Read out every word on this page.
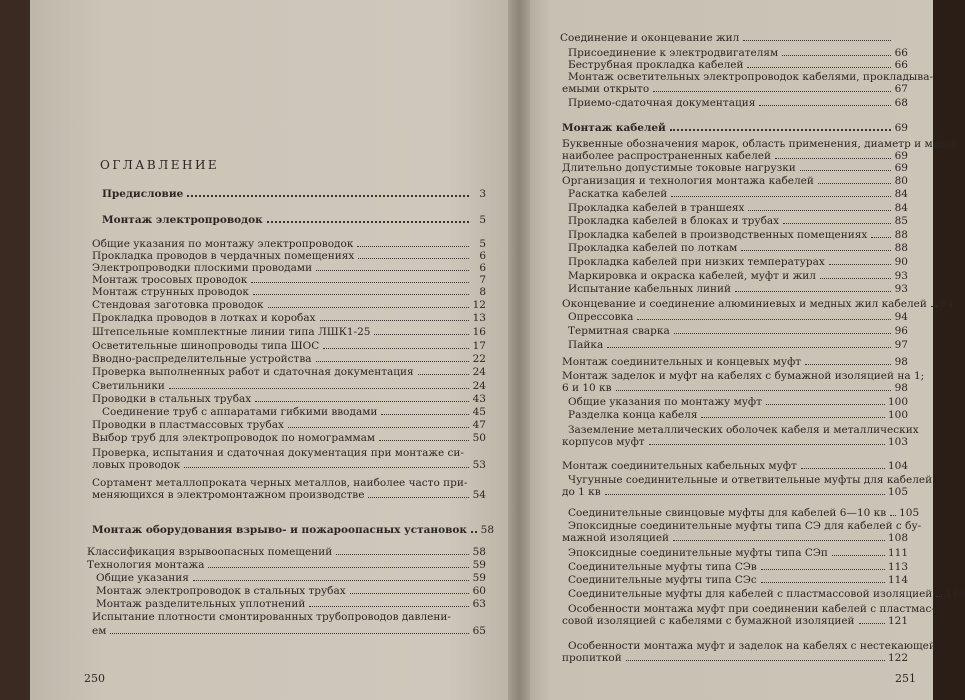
ОГЛАВЛЕНИЕ
250	251
Предисловие	3
Монтаж электропроводок	5
Общие указания по монтажу электропроводок	5
Прокладка проводов в чердачных помещениях	6
Электропроводки плоскими проводами	6
Монтаж тросовых проводок	7
Монтаж струнных проводок	8
Стендовая заготовка проводок	12
Прокладка проводов в лотках и коробах	13
Штепсельные комплектные линии типа ЛШК1-25	16
Осветительные шинопроводы типа ШОС	17
Вводно-распределительные устройства	22
Проверка выполненных работ и сдаточная документация	24
Светильники	24
Проводки в стальных трубах	43
Соединение труб с аппаратами гибкими вводами	45
Проводки в пластмассовых трубах	47
Выбор труб для электропроводок по номограммам	50
Проверка, испытания и сдаточная документация при монтаже си-
ловых проводок	53
Сортамент металлопроката черных металлов, наиболее часто при-
меняющихся в электромонтажном производстве	54
Монтаж оборудования взрыво- и пожароопасных установок 58
Классификация взрывоопасных помещений	58
Технология монтажа	59
Общие указания	59
Монтаж электропроводок в стальных трубах	60
Монтаж разделительных уплотнений	63
Испытание плотности смонтированных трубопроводов давлени-
ем	65
Соединение и оконцевание жил
Присоединение к электродвигателям	66
Беструбная прокладка кабелей	66
Монтаж осветительных электропроводок кабелями, прокладыва-
емыми открыто	67
Приемо-сдаточная документация	68
Монтаж кабелей	69
Буквенные обозначения марок, область применения, диаметр и масса
наиболее распространенных кабелей	69
Длительно допустимые токовые нагрузки	69
Организация и технология монтажа кабелей	80
Раскатка кабелей	84
Прокладка кабелей в траншеях	84
Прокладка кабелей в блоках и трубах	85
Прокладка кабелей в производственных помещениях	88
Прокладка кабелей по лоткам	88
Прокладка кабелей при низких температурах	90
Маркировка и окраска кабелей, муфт и жил	93
Испытание кабельных линий	93
Оконцевание и соединение алюминиевых и медных жил кабелей 94
Опрессовка	94
Термитная сварка	96
Пайка	97
Монтаж соединительных и концевых муфт	98
Монтаж заделок и муфт на кабелях с бумажной изоляцией на 1;
6 и 10 кв	98
Общие указания по монтажу муфт	100
Разделка конца кабеля	100
Заземление металлических оболочек кабеля и металлических
корпусов муфт	103
Монтаж соединительных кабельных муфт	104
Чугунные соединительные и ответвительные муфты для кабелей
до 1 кв	105
Соединительные свинцовые муфты для кабелей 6—10 кв 105
Эпоксидные соединительные муфты типа СЭ для кабелей с бу-
мажной изоляцией	108
Эпоксидные соединительные муфты типа СЭп	111
Соединительные муфты типа СЭв	113
Соединительные муфты типа СЭс	114
Соединительные муфты для кабелей с пластмассовой изоляцией 116
Особенности монтажа муфт при соединении кабелей с пластмас-
совой изоляцией с кабелями с бумажной изоляцией	121
Особенности монтажа муфт и заделок на кабелях с нестекающей
пропиткой	122
